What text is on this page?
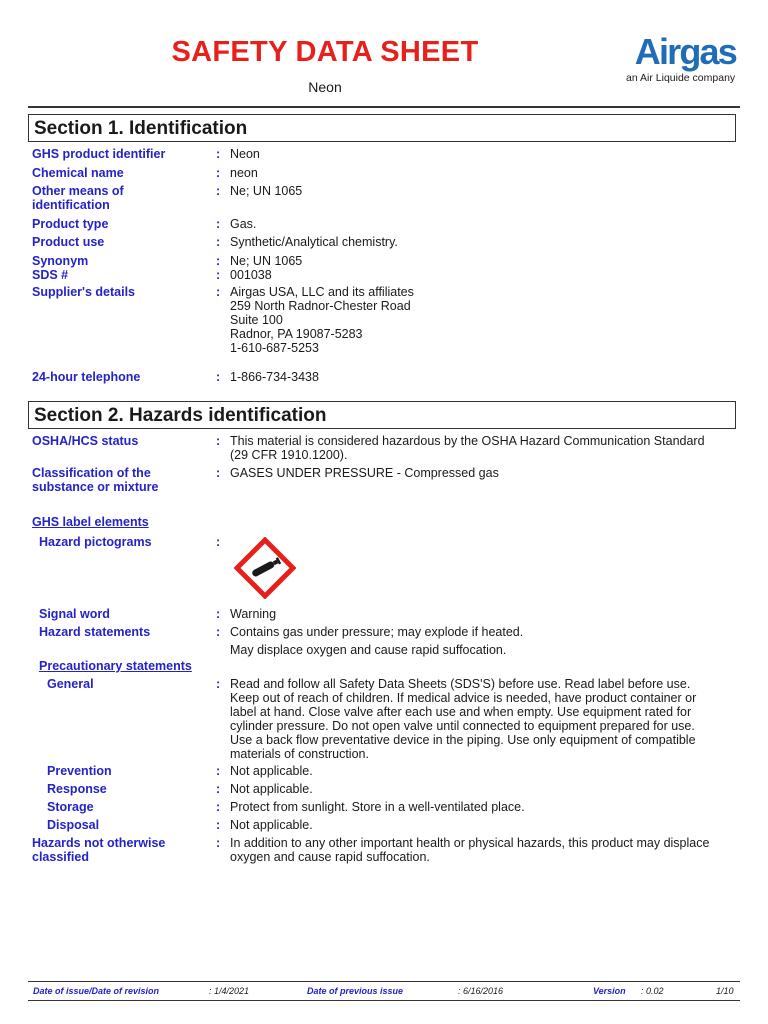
SAFETY DATA SHEET
Neon
Airgas
an Air Liquide company
Section 1. Identification
GHS product identifier	: Neon
Chemical name	: neon
Other means of
identification
: Ne; UN 1065
Product type	: Gas.
Product use	: Synthetic/Analytical chemistry.
Synonym	: Ne; UN 1065
SDS #	: 001038
Supplier's details	: Airgas USA, LLC and its affiliates
259 North Radnor-Chester Road
Suite 100
Radnor, PA 19087-5283
1-610-687-5253
24-hour telephone	: 1-866-734-3438
Section 2. Hazards identification
OSHA/HCS status	: This material is considered hazardous by the OSHA Hazard Communication Standard
(29 CFR 1910.1200).
Classification of the
substance or mixture
: GASES UNDER PRESSURE - Compressed gas
GHS label elements
Hazard pictograms	:
Signal word	: Warning
Hazard statements	: Contains gas under pressure; may explode if heated.
May displace oxygen and cause rapid suffocation.
Precautionary statements
General	: Read and follow all Safety Data Sheets (SDS'S) before use. Read label before use.
Keep out of reach of children. If medical advice is needed, have product container or
label at hand. Close valve after each use and when empty. Use equipment rated for
cylinder pressure. Do not open valve until connected to equipment prepared for use.
Use a back flow preventative device in the piping. Use only equipment of compatible
materials of construction.
Prevention	: Not applicable.
Response	: Not applicable.
Storage	: Protect from sunlight. Store in a well-ventilated place.
Disposal	: Not applicable.
Hazards not otherwise
classified
: In addition to any other important health or physical hazards, this product may displace
oxygen and cause rapid suffocation.
Date of issue/Date of revision	: 1/4/2021	Date of previous issue	: 6/16/2016	Version : 0.02	1/10
